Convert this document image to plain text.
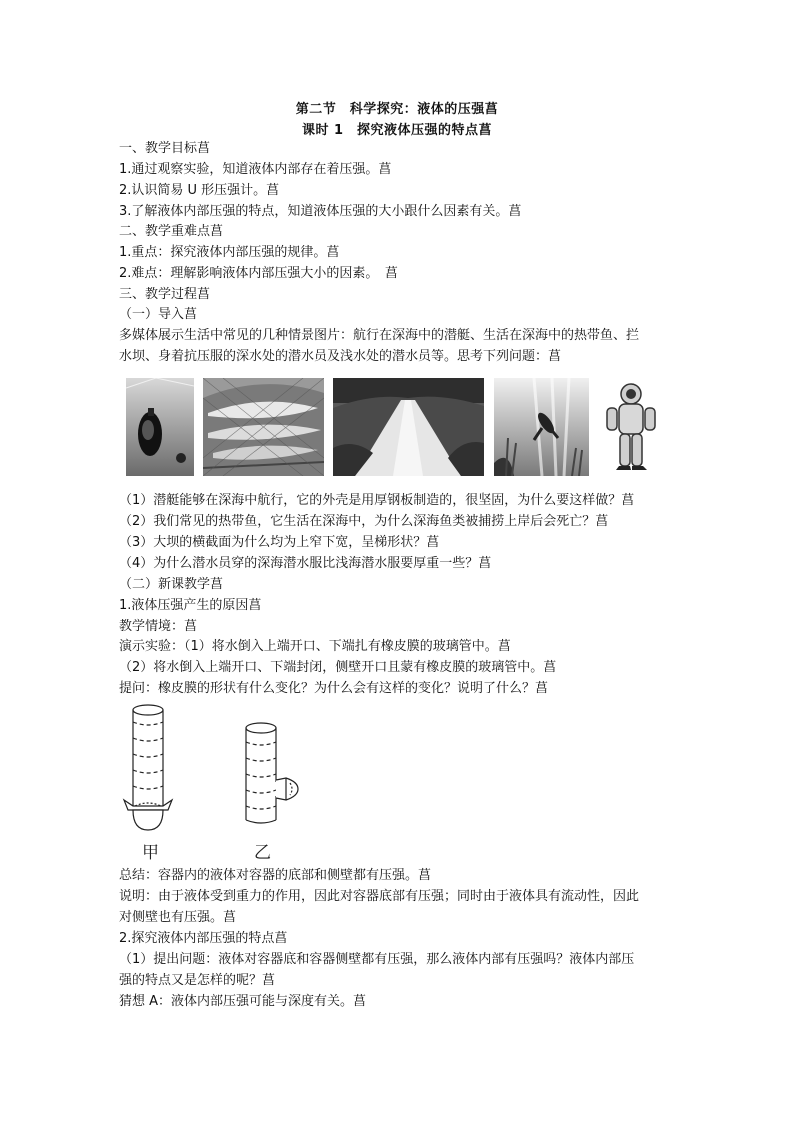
第二节　科学探究：液体的压强菖
课时 1　探究液体压强的特点菖
一、教学目标菖
1.通过观察实验，知道液体内部存在着压强。菖
2.认识简易 U 形压强计。菖
3.了解液体内部压强的特点，知道液体压强的大小跟什么因素有关。菖
二、教学重难点菖
1.重点：探究液体内部压强的规律。菖
2.难点：理解影响液体内部压强大小的因素。　菖
三、教学过程菖
（一）导入菖
多媒体展示生活中常见的几种情景图片：航行在深海中的潜艇、生活在深海中的热带鱼、拦
水坝、身着抗压服的深水处的潜水员及浅水处的潜水员等。思考下列问题：菖
（1）潜艇能够在深海中航行，它的外壳是用厚钢板制造的，很坚固，为什么要这样做？菖
（2）我们常见的热带鱼，它生活在深海中，为什么深海鱼类被捕捞上岸后会死亡？菖
（3）大坝的横截面为什么均为上窄下宽，呈梯形状？菖
（4）为什么潜水员穿的深海潜水服比浅海潜水服要厚重一些？菖
（二）新课教学菖
1.液体压强产生的原因菖
教学情境：菖
演示实验：（1）将水倒入上端开口、下端扎有橡皮膜的玻璃管中。菖
（2）将水倒入上端开口、下端封闭，侧壁开口且蒙有橡皮膜的玻璃管中。菖
提问：橡皮膜的形状有什么变化？为什么会有这样的变化？说明了什么？菖
甲	乙
总结：容器内的液体对容器的底部和侧壁都有压强。菖
说明：由于液体受到重力的作用，因此对容器底部有压强；同时由于液体具有流动性，因此
对侧壁也有压强。菖
2.探究液体内部压强的特点菖
（1）提出问题：液体对容器底和容器侧壁都有压强，那么液体内部有压强吗？液体内部压
强的特点又是怎样的呢？菖
猜想 A：液体内部压强可能与深度有关。菖
